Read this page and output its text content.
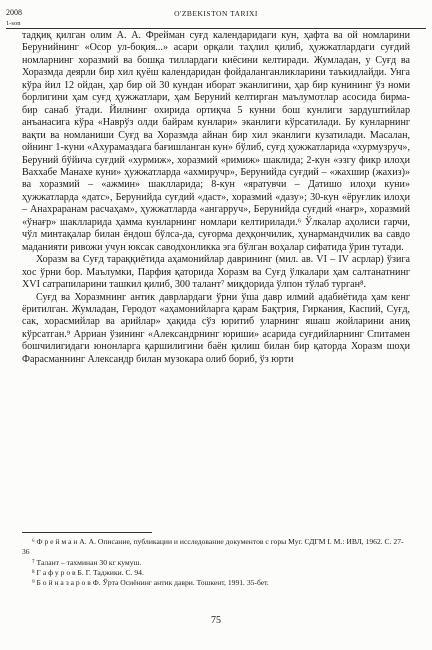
2008
1-son
O'ZBEKISTON TARIXI

тадқиқ қилган олим А. А. Фрейман суғд календаридаги кун, ҳафта ва ой номларини Берунийнинг «Осор ул-боқия...» асари орқали таҳлил қилиб, ҳужжатлардаги суғдий номларнинг хоразмий ва бошқа тиллардаги киёсини келтиради. Жумладан, у Суғд ва Хоразмда деярли бир хил қуёш календаридан фойдаланганликларини таъкидлайди. Унга кўра йил 12 ойдан, ҳар бир ой 30 кундан иборат эканлигини, ҳар бир кунининг ўз номи борлигини ҳам суғд ҳужжатлари, ҳам Беруний келтирган маълумотлар асосида бирма-бир санаб ўтади. Йилнинг охирида ортиқча 5 кунни бош кунлиги зардуштийлар анъанасига кўра «Наврўз олди байрам кунлари» эканлиги кўрсатилади. Бу кунларнинг вақти ва номланиши Суғд ва Хоразмда айнан бир хил эканлиги кузатилади. Масалан, ойнинг 1-куни «Ахурамаздага бағишланган кун» бўлиб, суғд ҳужжатларида «хурмузруч», Беруний бўйича суғдий «хурмиж», хоразмий «римиж» шаклида; 2-кун «эзгу фикр илоҳи Ваххабе Манахе куни» ҳужжатларда «ахмиручр», Берунийда суғдий – «жахшир (жахиз)» ва хоразмий – «ажмин» шаклларида; 8-кун «яратувчи – Датишо илоҳи куни» ҳужжатларда «датс», Берунийда суғдий «даст», хоразмий «дазу»; 30-кун «ёруғлик илоҳи – Анахраранам расчаҳам», ҳужжатларда «ангарруч», Берунийда суғдий «нағр», хоразмий «ўнағр» шаклларида ҳамма кунларнинг номлари келтирилади.⁶ Ўлкалар аҳолиси гарчи, чўл минтақалар билан ёндош бўлса-да, суғорма деҳқончилик, ҳунармандчилик ва савдо маданияти ривожи учун юксак саводхонликка эга бўлган воҳалар сифатида ўрин тутади.

Хоразм ва Суғд тараққиётида аҳамонийлар даврининг (мил. ав. VI – IV асрлар) ўзига хос ўрни бор. Маълумки, Парфия қаторида Хоразм ва Суғд ўлкалари ҳам салтанатнинг XVI сатрапиларини ташкил қилиб, 300 талант⁷ миқдорида ўлпон тўлаб турган⁸.

Суғд ва Хоразмнинг антик даврлардаги ўрни ўша давр илмий адабиётида ҳам кенг ёритилган. Жумладан, Геродот «аҳамонийларга қарам Бақтрия, Гиркания, Каспий, Суғд, сак, хорасмийлар ва арийлар» ҳақида сўз юритиб уларнинг яшаш жойларини аниқ кўрсатган.⁹ Арриан ўзининг «Александрнинг юриши» асарида суғдийларнинг Спитамен бошчилигидаги юнонларга қаршилигини баён қилиш билан бир қаторда Хоразм шоҳи Фарасманнинг Александр билан музокара олиб бориб, ўз юрти

⁶ Ф р е й м а н А. А. Описание, публикации и исследование документов с горы Муг. СДГМ I. М.: ИВЛ, 1962. С. 27-36

⁷ Талант – тахминан 30 кг кумуш.

⁸ Г а ф у р о в Б. Г. Таджики. С. 94.

⁹ Б о й н а з а р о в Ф. Ўрта Осиёнинг антик даври. Тошкент, 1991. 35-бет.

75
